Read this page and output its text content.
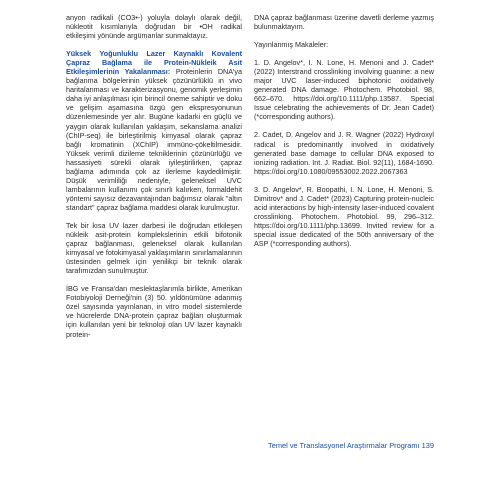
anyon radikali (CO3•-) yoluyla dolaylı olarak değil, nükleotit kısımlarıyla doğrudan bir •OH radikal etkileşimi yönünde argümanlar sunmaktayız.

Yüksek Yoğunluklu Lazer Kaynaklı Kovalent Çapraz Bağlama ile Protein-Nükleik Asit Etkileşimlerinin Yakalanması: Proteinlerin DNA'ya bağlanma bölgelerinin yüksek çözünürlüklü in vivo haritalanması ve karakterizasyonu, genomik yerleşimin daha iyi anlaşılması için birincil öneme sahiptir ve doku ve gelişim aşamasına özgü gen ekspresyonunun düzenlemesinde yer alır. Bugüne kadarki en güçlü ve yaygın olarak kullanılan yaklaşım, sekanslama analizi (ChIP-seq) ile birleştirilmiş kimyasal olarak çapraz bağlı kromatinin (XChIP) immüno-çökeltilmesidir. Yüksek verimli dizileme tekniklerinin çözünürlüğü ve hassasiyeti sürekli olarak iyileştirilirken, çapraz bağlama adımında çok az ilerleme kaydedilmiştir. Düşük verimliliği nedeniyle, geleneksel UVC lambalarının kullanımı çok sınırlı kalırken, formaldehit yöntemi sayısız dezavantajından bağımsız olarak "altın standart" çapraz bağlama maddesi olarak kurulmuştur.

Tek bir kısa UV lazer darbesi ile doğrudan etkileşen nükleik asit-protein komplekslerinin etkili bifotonik çapraz bağlanması, geleneksel olarak kullanılan kimyasal ve fotokimyasal yaklaşımların sınırlamalarının üstesinden gelmek için yenilikçi bir teknik olarak tarafımızdan sunulmuştur.

İBG ve Fransa'dan meslektaşlarımla birlikte, Amerikan Fotobiyoloji Derneği'nin (3) 50. yıldönümüne adanmış özel sayısında yayınlanan, in vitro model sistemlerde ve hücrelerde DNA-protein çapraz bağları oluşturmak için kullanılan yeni bir teknoloji olan UV lazer kaynaklı protein-

DNA çapraz bağlanması üzerine davetli derleme yazmış bulunmaktayım.

Yayınlanmış Makaleler:

1. D. Angelov*, I. N. Lone, H. Menoni and J. Cadet* (2022) Interstrand crosslinking involving guanine: a new major UVC laser-induced biphotonic oxidatively generated DNA damage. Photochem. Photobiol. 98, 662–670. https://doi.org/10.1111/php.13587. Special Issue celebrating the achievements of Dr. Jean Cadet) (*corresponding authors).
2. Cadet, D. Angelov and J. R. Wagner (2022) Hydroxyl radical is predominantly involved in oxidatively generated base damage to cellular DNA exposed to ionizing radiation. Int. J. Radiat. Biol. 92(11), 1684-1690. https://doi.org/10.1080/09553002.2022.2067363
3. D. Angelov*, R. Boopathi, I. N. Lone, H. Menoni, S. Dimitrov* and J. Cadet* (2023) Capturing protein-nucleic acid interactions by high-intensity laser-induced covalent crosslinking. Photochem. Photobiol. 99, 296–312. https://doi.org/10.1111/php.13699. Invited review for a special issue dedicated of the 50th anniversary of the ASP (*corresponding authors).
Temel ve Translasyonel Araştırmalar Programı 139
